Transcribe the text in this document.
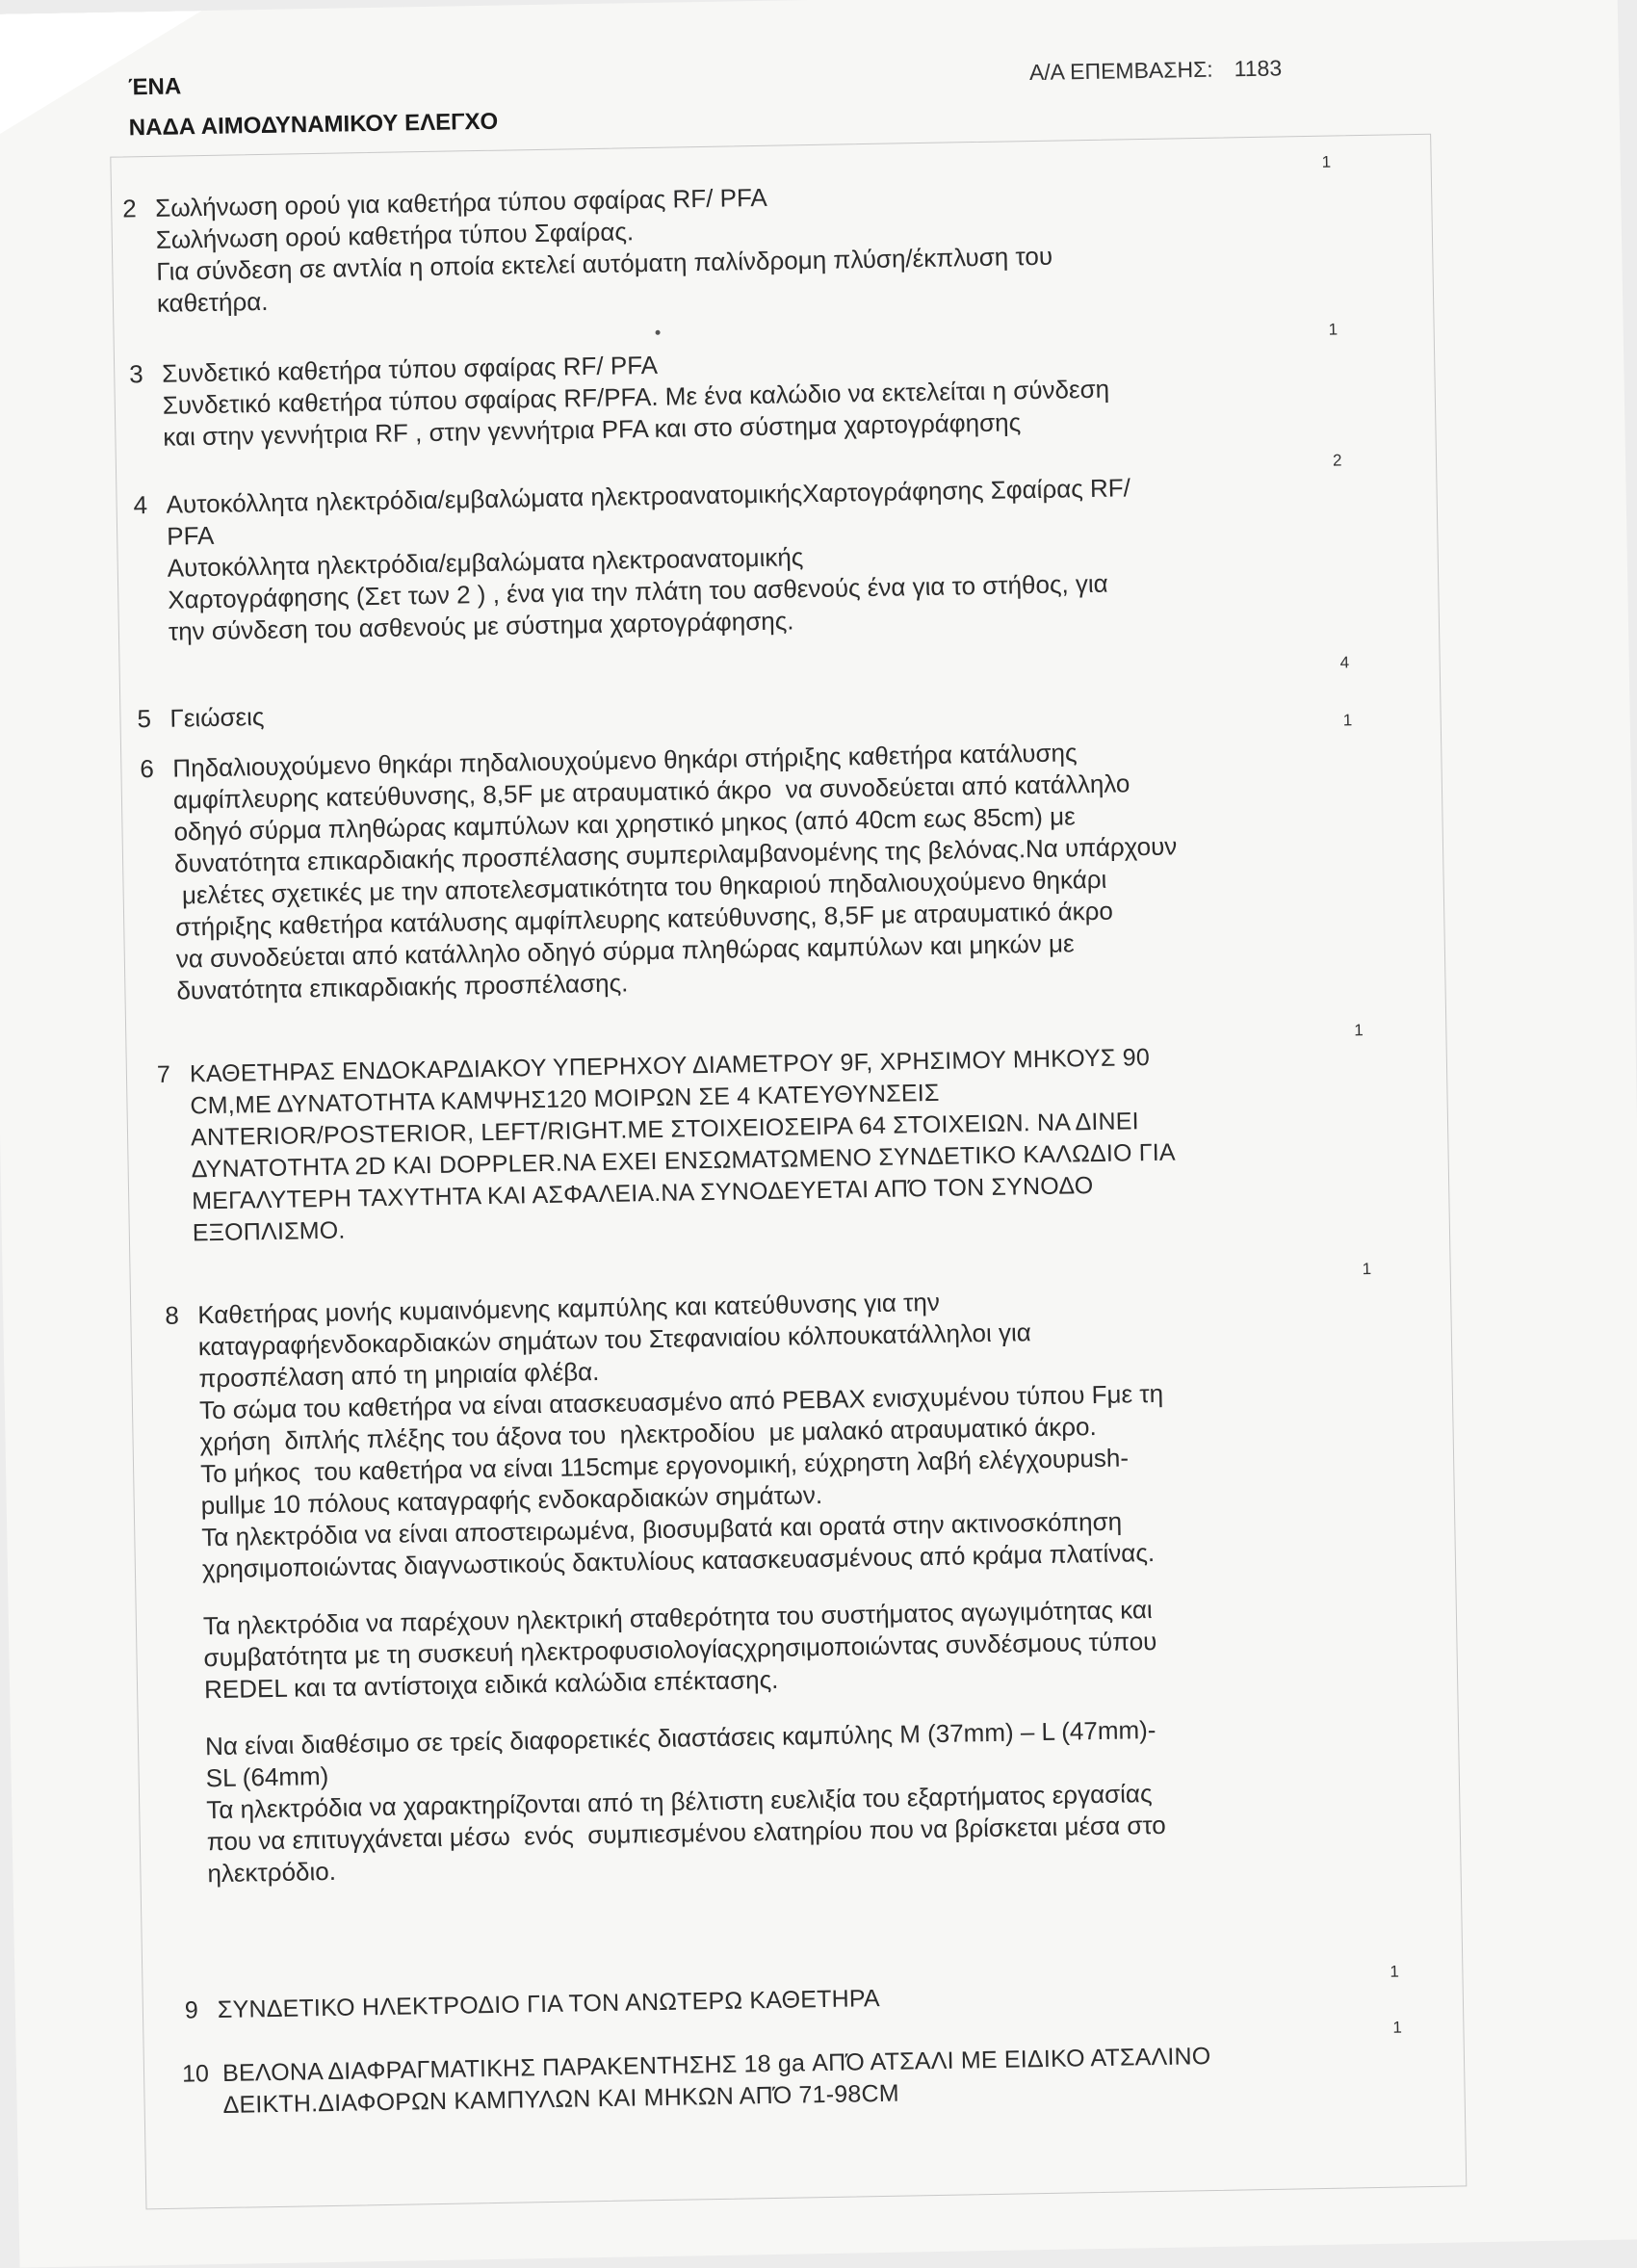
ΈΝΑ
ΝΑΔΑ ΑΙΜΟΔΥΝΑΜΙΚΟΥ ΕΛΕΓΧΟ
Α/Α ΕΠΕΜΒΑΣΗΣ: 1183
1
2 Σωλήνωση ορού για καθετήρα τύπου σφαίρας RF/ PFA
Σωλήνωση ορού καθετήρα τύπου Σφαίρας.
Για σύνδεση σε αντλία η οποία εκτελεί αυτόματη παλίνδρομη πλύση/έκπλυση του
καθετήρα.
1
3 Συνδετικό καθετήρα τύπου σφαίρας RF/ PFA
Συνδετικό καθετήρα τύπου σφαίρας RF/PFA. Με ένα καλώδιο να εκτελείται η σύνδεση
και στην γεννήτρια RF , στην γεννήτρια PFA και στο σύστημα χαρτογράφησης
2
4 Αυτοκόλλητα ηλεκτρόδια/εμβαλώματα ηλεκτροανατομικήςΧαρτογράφησης Σφαίρας RF/
PFA
Αυτοκόλλητα ηλεκτρόδια/εμβαλώματα ηλεκτροανατομικής
Χαρτογράφησης (Σετ των 2 ) , ένα για την πλάτη του ασθενούς ένα για το στήθος, για
την σύνδεση του ασθενούς με σύστημα χαρτογράφησης.
4
5 Γειώσεις	1
6 Πηδαλιουχούμενο θηκάρι πηδαλιουχούμενο θηκάρι στήριξης καθετήρα κατάλυσης
αμφίπλευρης κατεύθυνσης, 8,5F με ατραυματικό άκρο  να συνοδεύεται από κατάλληλο
οδηγό σύρμα πληθώρας καμπύλων και χρηστικό μηκος (από 40cm εως 85cm) με
δυνατότητα επικαρδιακής προσπέλασης συμπεριλαμβανομένης της βελόνας.Να υπάρχουν
μελέτες σχετικές με την αποτελεσματικότητα του θηκαριού πηδαλιουχούμενο θηκάρι
στήριξης καθετήρα κατάλυσης αμφίπλευρης κατεύθυνσης, 8,5F με ατραυματικό άκρο
να συνοδεύεται από κατάλληλο οδηγό σύρμα πληθώρας καμπύλων και μηκών με
δυνατότητα επικαρδιακής προσπέλασης.
1
7 ΚΑΘΕΤΗΡΑΣ ΕΝΔΟΚΑΡΔΙΑΚΟΥ ΥΠΕΡΗΧΟΥ ΔΙΑΜΕΤΡΟΥ 9F, ΧΡΗΣΙΜΟΥ ΜΗΚΟΥΣ 90
CM,ΜΕ ΔΥΝΑΤΟΤΗΤΑ ΚΑΜΨΗΣ120 ΜΟΙΡΩΝ ΣΕ 4 ΚΑΤΕΥΘΥΝΣΕΙΣ
ANTERIOR/POSTERIOR, LEFT/RIGHT.ΜΕ ΣΤΟΙΧΕΙΟΣΕΙΡΑ 64 ΣΤΟΙΧΕΙΩΝ. ΝΑ ΔΙΝΕΙ
ΔΥΝΑΤΟΤΗΤΑ 2D ΚΑΙ DOPPLER.ΝΑ ΕΧΕΙ ΕΝΣΩΜΑΤΩΜΕΝΟ ΣΥΝΔΕΤΙΚΟ ΚΑΛΩΔΙΟ ΓΙΑ
ΜΕΓΑΛΥΤΕΡΗ ΤΑΧΥΤΗΤΑ ΚΑΙ ΑΣΦΑΛΕΙΑ.ΝΑ ΣΥΝΟΔΕΥΕΤΑΙ ΑΠΌ ΤΟΝ ΣΥΝΟΔΟ
ΕΞΟΠΛΙΣΜΟ.
1
8 Καθετήρας μονής κυμαινόμενης καμπύλης και κατεύθυνσης για την
καταγραφήενδοκαρδιακών σημάτων του Στεφανιαίου κόλπουκατάλληλοι για
προσπέλαση από τη μηριαία φλέβα.
Το σώμα του καθετήρα να είναι ατασκευασμένο από PEBAX ενισχυμένου τύπου Fμε τη
χρήση  διπλής πλέξης του άξονα του  ηλεκτροδίου  με μαλακό ατραυματικό άκρο.
Το μήκος  του καθετήρα να είναι 115cmμε εργονομική, εύχρηστη λαβή ελέγχουpush-
pullμε 10 πόλους καταγραφής ενδοκαρδιακών σημάτων.
Τα ηλεκτρόδια να είναι αποστειρωμένα, βιοσυμβατά και ορατά στην ακτινοσκόπηση
χρησιμοποιώντας διαγνωστικούς δακτυλίους κατασκευασμένους από κράμα πλατίνας.
Τα ηλεκτρόδια να παρέχουν ηλεκτρική σταθερότητα του συστήματος αγωγιμότητας και
συμβατότητα με τη συσκευή ηλεκτροφυσιολογίαςχρησιμοποιώντας συνδέσμους τύπου
REDEL και τα αντίστοιχα ειδικά καλώδια επέκτασης.
Να είναι διαθέσιμο σε τρείς διαφορετικές διαστάσεις καμπύλης M (37mm) – L (47mm)-
SL (64mm)
Τα ηλεκτρόδια να χαρακτηρίζονται από τη βέλτιστη ευελιξία του εξαρτήματος εργασίας
που να επιτυγχάνεται μέσω  ενός  συμπιεσμένου ελατηρίου που να βρίσκεται μέσα στο
ηλεκτρόδιο.
1
9 ΣΥΝΔΕΤΙΚΟ ΗΛΕΚΤΡΟΔΙΟ ΓΙΑ ΤΟΝ ΑΝΩΤΕΡΩ ΚΑΘΕΤΗΡΑ
1
10 ΒΕΛΟΝΑ ΔΙΑΦΡΑΓΜΑΤΙΚΗΣ ΠΑΡΑΚΕΝΤΗΣΗΣ 18 ga ΑΠΌ ΑΤΣΑΛΙ ΜΕ ΕΙΔΙΚΟ ΑΤΣΑΛΙΝΟ
ΔΕΙΚΤΗ.ΔΙΑΦΟΡΩΝ ΚΑΜΠΥΛΩΝ ΚΑΙ ΜΗΚΩΝ ΑΠΌ 71-98CM
